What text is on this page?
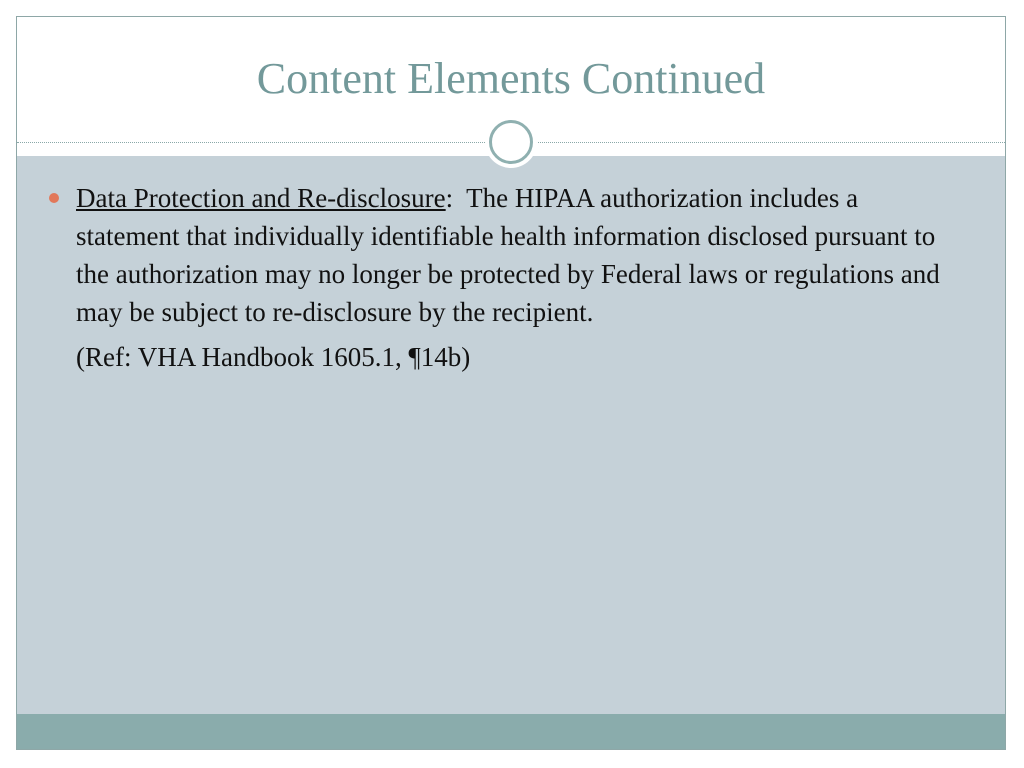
Content Elements Continued
Data Protection and Re-disclosure:  The HIPAA authorization includes a statement that individually identifiable health information disclosed pursuant to the authorization may no longer be protected by Federal laws or regulations and may be subject to re-disclosure by the recipient.
(Ref: VHA Handbook 1605.1, ¶14b)
